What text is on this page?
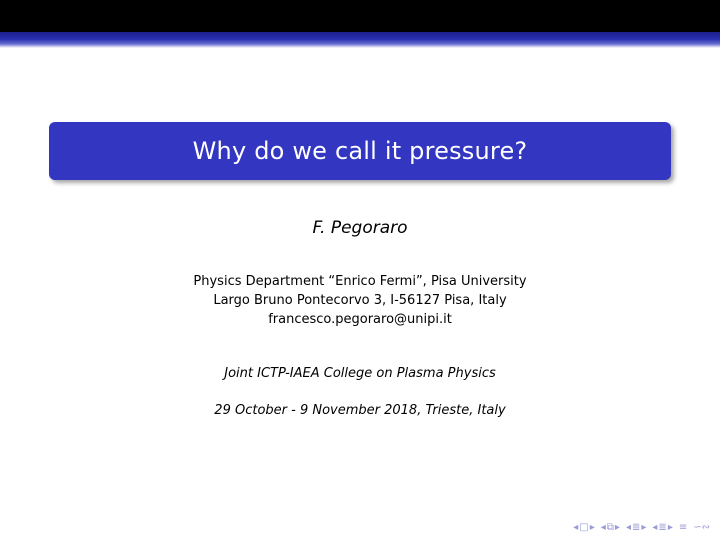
Why do we call it pressure?
F. Pegoraro
Physics Department “Enrico Fermi”, Pisa University
Largo Bruno Pontecorvo 3, I-56127 Pisa, Italy
francesco.pegoraro@unipi.it
Joint ICTP-IAEA College on Plasma Physics
29 October - 9 November 2018, Trieste, Italy
◂ □ ▸ ◂ ⧉ ▸ ◂ ≣ ▸ ◂ ≣ ▸ ≡ ∽∾
